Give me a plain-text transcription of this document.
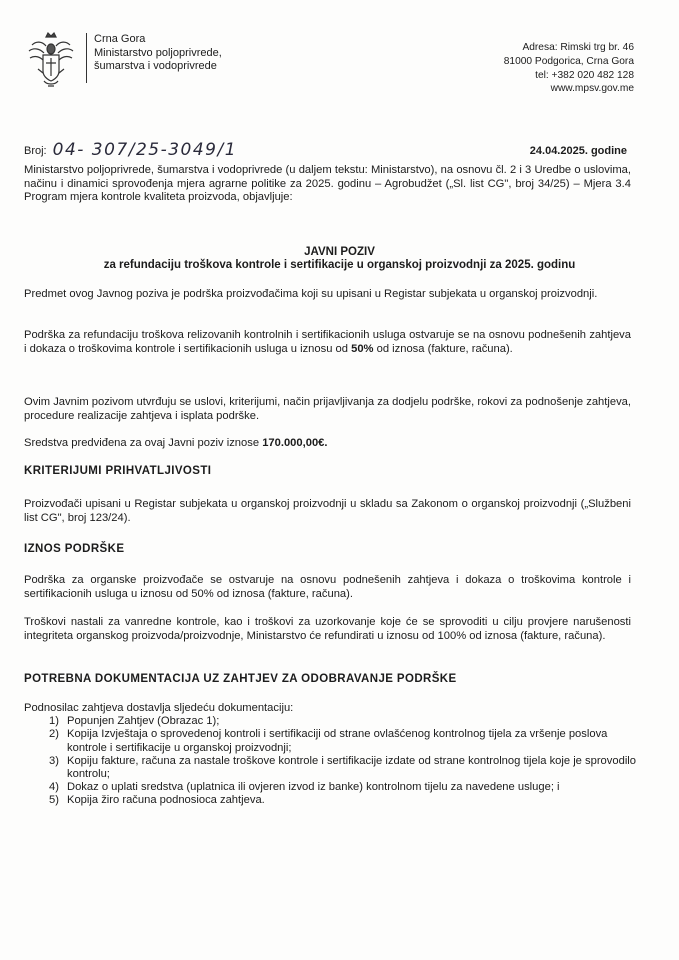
Crna Gora
Ministarstvo poljoprivrede,
šumarstva i vodoprivrede
Adresa: Rimski trg br. 46
81000 Podgorica, Crna Gora
tel: +382 020 482 128
www.mpsv.gov.me
Broj: 04- 307/25-3049/1	24.04.2025. godine
Ministarstvo poljoprivrede, šumarstva i vodoprivrede (u daljem tekstu: Ministarstvo), na osnovu čl. 2 i 3 Uredbe o uslovima, načinu i dinamici sprovođenja mjera agrarne politike za 2025. godinu – Agrobudžet („Sl. list CG", broj 34/25) – Mjera 3.4 Program mjera kontrole kvaliteta proizvoda, objavljuje:
JAVNI POZIV
za refundaciju troškova kontrole i sertifikacije u organskoj proizvodnji za 2025. godinu
Predmet ovog Javnog poziva je podrška proizvođačima koji su upisani u Registar subjekata u organskoj proizvodnji.
Podrška za refundaciju troškova relizovanih kontrolnih i sertifikacionih usluga ostvaruje se na osnovu podnešenih zahtjeva i dokaza o troškovima kontrole i sertifikacionih usluga u iznosu od 50% od iznosa (fakture, računa).
Ovim Javnim pozivom utvrđuju se uslovi, kriterijumi, način prijavljivanja za dodjelu podrške, rokovi za podnošenje zahtjeva, procedure realizacije zahtjeva i isplata podrške.
Sredstva predviđena za ovaj Javni poziv iznose 170.000,00€.
KRITERIJUMI PRIHVATLJIVOSTI
Proizvođači upisani u Registar subjekata u organskoj proizvodnji u skladu sa Zakonom o organskoj proizvodnji („Službeni list CG", broj 123/24).
IZNOS PODRŠKE
Podrška za organske proizvođače se ostvaruje na osnovu podnešenih zahtjeva i dokaza o troškovima kontrole i sertifikacionih usluga u iznosu od 50% od iznosa (fakture, računa).
Troškovi nastali za vanredne kontrole, kao i troškovi za uzorkovanje koje će se sprovoditi u cilju provjere narušenosti integriteta organskog proizvoda/proizvodnje, Ministarstvo će refundirati u iznosu od 100% od iznosa (fakture, računa).
POTREBNA DOKUMENTACIJA UZ ZAHTJEV ZA ODOBRAVANJE PODRŠKE
Podnosilac zahtjeva dostavlja sljedeću dokumentaciju:
1) Popunjen Zahtjev (Obrazac 1);
2) Kopija Izvještaja o sprovedenoj kontroli i sertifikaciji od strane ovlašćenog kontrolnog tijela za vršenje poslova kontrole i sertifikacije u organskoj proizvodnji;
3) Kopiju fakture, računa za nastale troškove kontrole i sertifikacije izdate od strane kontrolnog tijela koje je sprovodilo kontrolu;
4) Dokaz o uplati sredstva (uplatnica ili ovjeren izvod iz banke) kontrolnom tijelu za navedene usluge; i
5) Kopija žiro računa podnosioca zahtjeva.
